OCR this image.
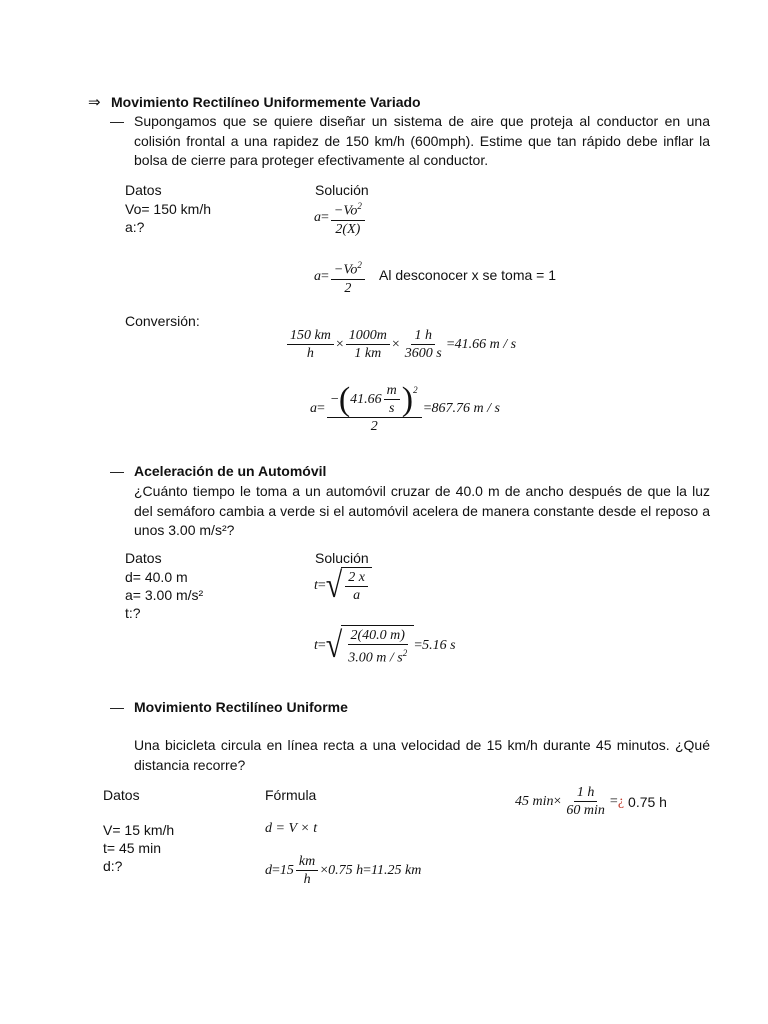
⇒ Movimiento Rectilíneo Uniformemente Variado
— Supongamos que se quiere diseñar un sistema de aire que proteja al conductor en una colisión frontal a una rapidez de 150 km/h (600mph). Estime que tan rápido debe inflar la bolsa de cierre para proteger efectivamente al conductor.
Datos
Vo= 150 km/h
a:?
Solución
$a = \frac{-Vo^2}{2(X)}$
$a = \frac{-Vo^2}{2}$ Al desconocer x se toma = 1
Conversión:
$\frac{150 km}{h} \times \frac{1000m}{1 km} \times \frac{1 h}{3600 s} = 41.66$ m / s
$a = \frac{- ( 41.66 \frac{m}{s} )^2}{2} = 867.76$ m / s
— Aceleración de un Automóvil
¿Cuánto tiempo le toma a un automóvil cruzar de 40.0 m de ancho después de que la luz del semáforo cambia a verde si el automóvil acelera de manera constante desde el reposo a unos 3.00 m/s²?
Datos
d= 40.0 m
a= 3.00 m/s²
t:?
Solución
t = √ $\frac{2 x}{a}$
t = √ $\frac{2(40.0 m)}{3.00 m / s^2} = 5.16$ s
— Movimiento Rectilíneo Uniforme
Una bicicleta circula en línea recta a una velocidad de 15 km/h durante 45 minutos. ¿Qué distancia recorre?
Datos	Fórmula
V= 15 km/h
t= 45 min
d:?
d = V × t
$d = 15 \frac{km}{h} \times 0.75$ h = 11.25 km
45 $\min \times \frac{1 h}{60 \min}$ = ¿ 0.75 h
